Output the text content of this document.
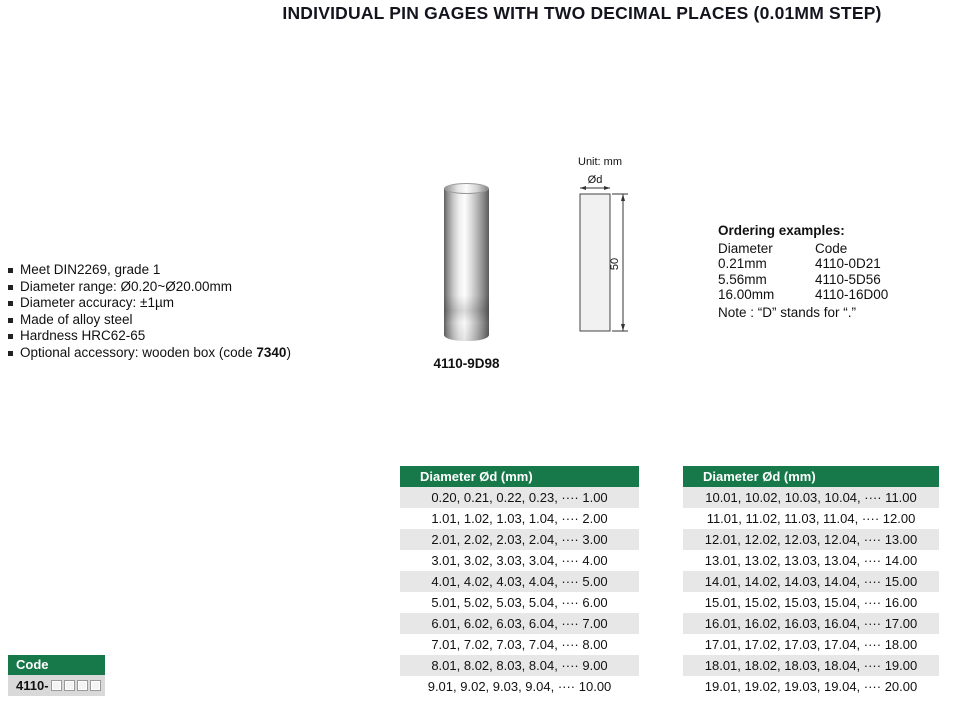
INDIVIDUAL PIN GAGES WITH TWO DECIMAL PLACES (0.01MM STEP)
Meet DIN2269, grade 1
Diameter range: Ø0.20~Ø20.00mm
Diameter accuracy: ±1µm
Made of alloy steel
Hardness HRC62-65
Optional accessory: wooden box (code 7340)
4110-9D98
Unit: mm
Ød
50
Ordering examples:
Diameter	Code
0.21mm	4110-0D21
5.56mm	4110-5D56
16.00mm	4110-16D00
Note : “D” stands for “.”
Diameter Ød (mm)
0.20, 0.21, 0.22, 0.23, ···· 1.00
1.01, 1.02, 1.03, 1.04, ···· 2.00
2.01, 2.02, 2.03, 2.04, ···· 3.00
3.01, 3.02, 3.03, 3.04, ···· 4.00
4.01, 4.02, 4.03, 4.04, ···· 5.00
5.01, 5.02, 5.03, 5.04, ···· 6.00
6.01, 6.02, 6.03, 6.04, ···· 7.00
7.01, 7.02, 7.03, 7.04, ···· 8.00
8.01, 8.02, 8.03, 8.04, ···· 9.00
9.01, 9.02, 9.03, 9.04, ···· 10.00
Diameter Ød (mm)
10.01, 10.02, 10.03, 10.04, ···· 11.00
11.01, 11.02, 11.03, 11.04, ···· 12.00
12.01, 12.02, 12.03, 12.04, ···· 13.00
13.01, 13.02, 13.03, 13.04, ···· 14.00
14.01, 14.02, 14.03, 14.04, ···· 15.00
15.01, 15.02, 15.03, 15.04, ···· 16.00
16.01, 16.02, 16.03, 16.04, ···· 17.00
17.01, 17.02, 17.03, 17.04, ···· 18.00
18.01, 18.02, 18.03, 18.04, ···· 19.00
19.01, 19.02, 19.03, 19.04, ···· 20.00
Code
4110-
